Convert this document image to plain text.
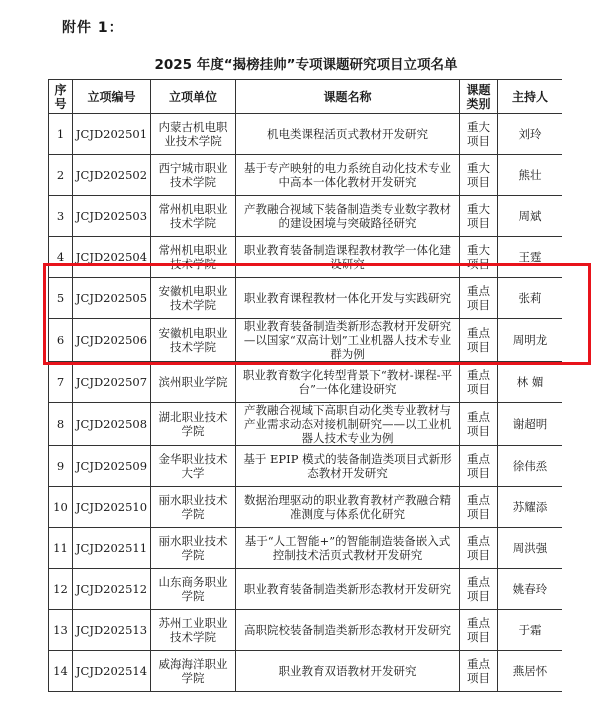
附件 1：
2025 年度“揭榜挂帅”专项课题研究项目立项名单
序号	立项编号	立项单位	课题名称	课题类别	主持人
1	JCJD202501	内蒙古机电职业技术学院	机电类课程活页式教材开发研究	重大项目	刘玲
2	JCJD202502	西宁城市职业技术学院	基于专产映射的电力系统自动化技术专业中高本一体化教材开发研究	重大项目	熊壮
3	JCJD202503	常州机电职业技术学院	产教融合视域下装备制造类专业数字教材的建设困境与突破路径研究	重大项目	周斌
4	JCJD202504	常州机电职业技术学院	职业教育装备制造课程教材教学一体化建设研究	重大项目	王霆
5	JCJD202505	安徽机电职业技术学院	职业教育课程教材一体化开发与实践研究	重点项目	张莉
6	JCJD202506	安徽机电职业技术学院	职业教育装备制造类新形态教材开发研究—以国家“双高计划”工业机器人技术专业群为例	重点项目	周明龙
7	JCJD202507	滨州职业学院	职业教育数字化转型背景下“教材-课程-平台”一体化建设研究	重点项目	林 媚
8	JCJD202508	湖北职业技术学院	产教融合视域下高职自动化类专业教材与产业需求动态对接机制研究——以工业机器人技术专业为例	重点项目	谢超明
9	JCJD202509	金华职业技术大学	基于 EPIP 模式的装备制造类项目式新形态教材开发研究	重点项目	徐伟烝
10	JCJD202510	丽水职业技术学院	数据治理驱动的职业教育教材产教融合精准测度与体系优化研究	重点项目	苏耀添
11	JCJD202511	丽水职业技术学院	基于“人工智能+”的智能制造装备嵌入式控制技术活页式教材开发研究	重点项目	周洪强
12	JCJD202512	山东商务职业学院	职业教育装备制造类新形态教材开发研究	重点项目	姚春玲
13	JCJD202513	苏州工业职业技术学院	高职院校装备制造类新形态教材开发研究	重点项目	于霜
14	JCJD202514	威海海洋职业学院	职业教育双语教材开发研究	重点项目	燕居怀
